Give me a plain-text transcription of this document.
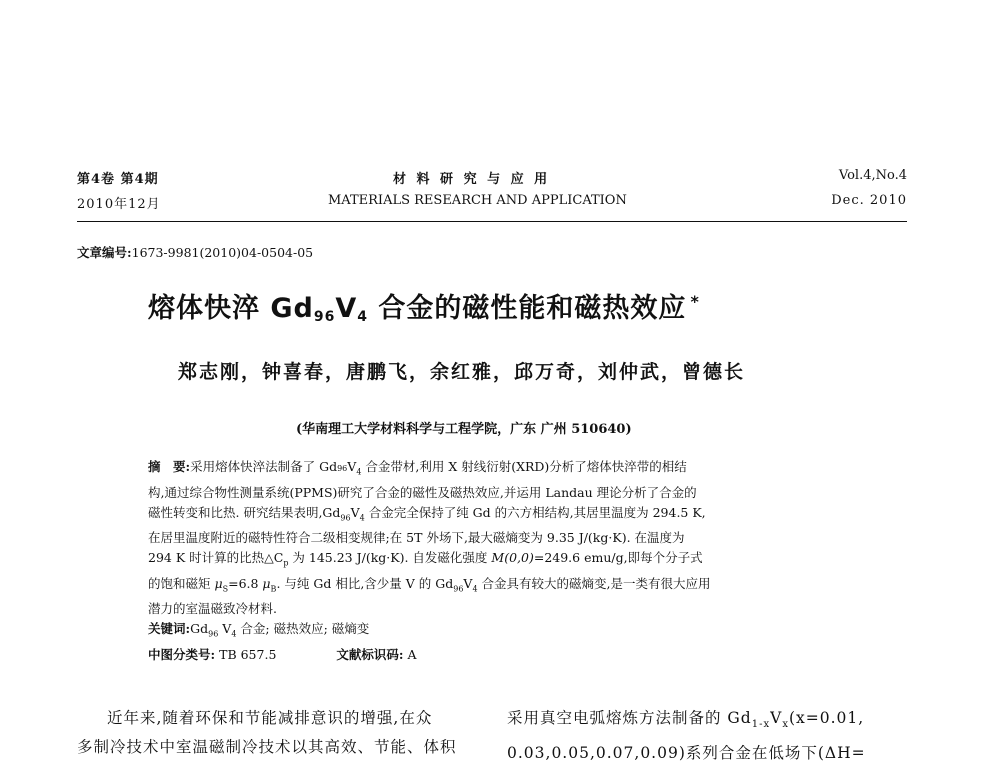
第4卷 第4期
2010年12月
材 料 研 究 与 应 用
MATERIALS RESEARCH AND APPLICATION
Vol.4,No.4
Dec. 2010
文章编号:1673-9981(2010)04-0504-05
熔体快淬 $Gd_{96}V_4$ 合金的磁性能和磁热效应 *
郑志刚，钟喜春，唐鹏飞，余红雅，邱万奇，刘仲武，曾德长
(华南理工大学材料科学与工程学院，广东 广州 510640)
摘　要:采用熔体快淬法制备了 $Gd96V_4$ 合金带材,利用 X 射线衍射(XRD)分析了熔体快淬带的相结
构,通过综合物性测量系统(PPMS)研究了合金的磁性及磁热效应,并运用 Landau 理论分析了合金的
磁性转变和比热. 研究结果表明$,Gd_{96}V_4$ 合金完全保持了纯 Gd 的六方相结构,其居里温度为 294.5 K,
在居里温度附近的磁特性符合二级相变规律;在 5T 外场下,最大磁熵变为 9.35 J/(kg·K). 在温度为
294 K 时计算的比热$\triangle C_p$ 为 145.23 J/(kg·K). 自发磁化强度 M(0,0)=249.6 emu/g,即每个分子式
的饱和磁矩 $\mu_S=6.8$ $\mu_B$. 与纯 Gd 相比,含少量 V 的 $Gd_{96}V_4$ 合金具有较大的磁熵变,是一类有很大应用
潜力的室温磁致冷材料.
关键词$:Gd_{96}$ $V_4$ 合金; 磁热效应; 磁熵变
中图分类号: TB 657.5	文献标识码: A
近年来,随着环保和节能减排意识的增强,在众
多制冷技术中室温磁制冷技术以其高效、节能、体积
采用真空电弧熔炼方法制备的 $Gd_{1-x}V_x(x=0.01$,
0.03,0.05,0.07,0.09)系列合金在低场下(ΔH=
